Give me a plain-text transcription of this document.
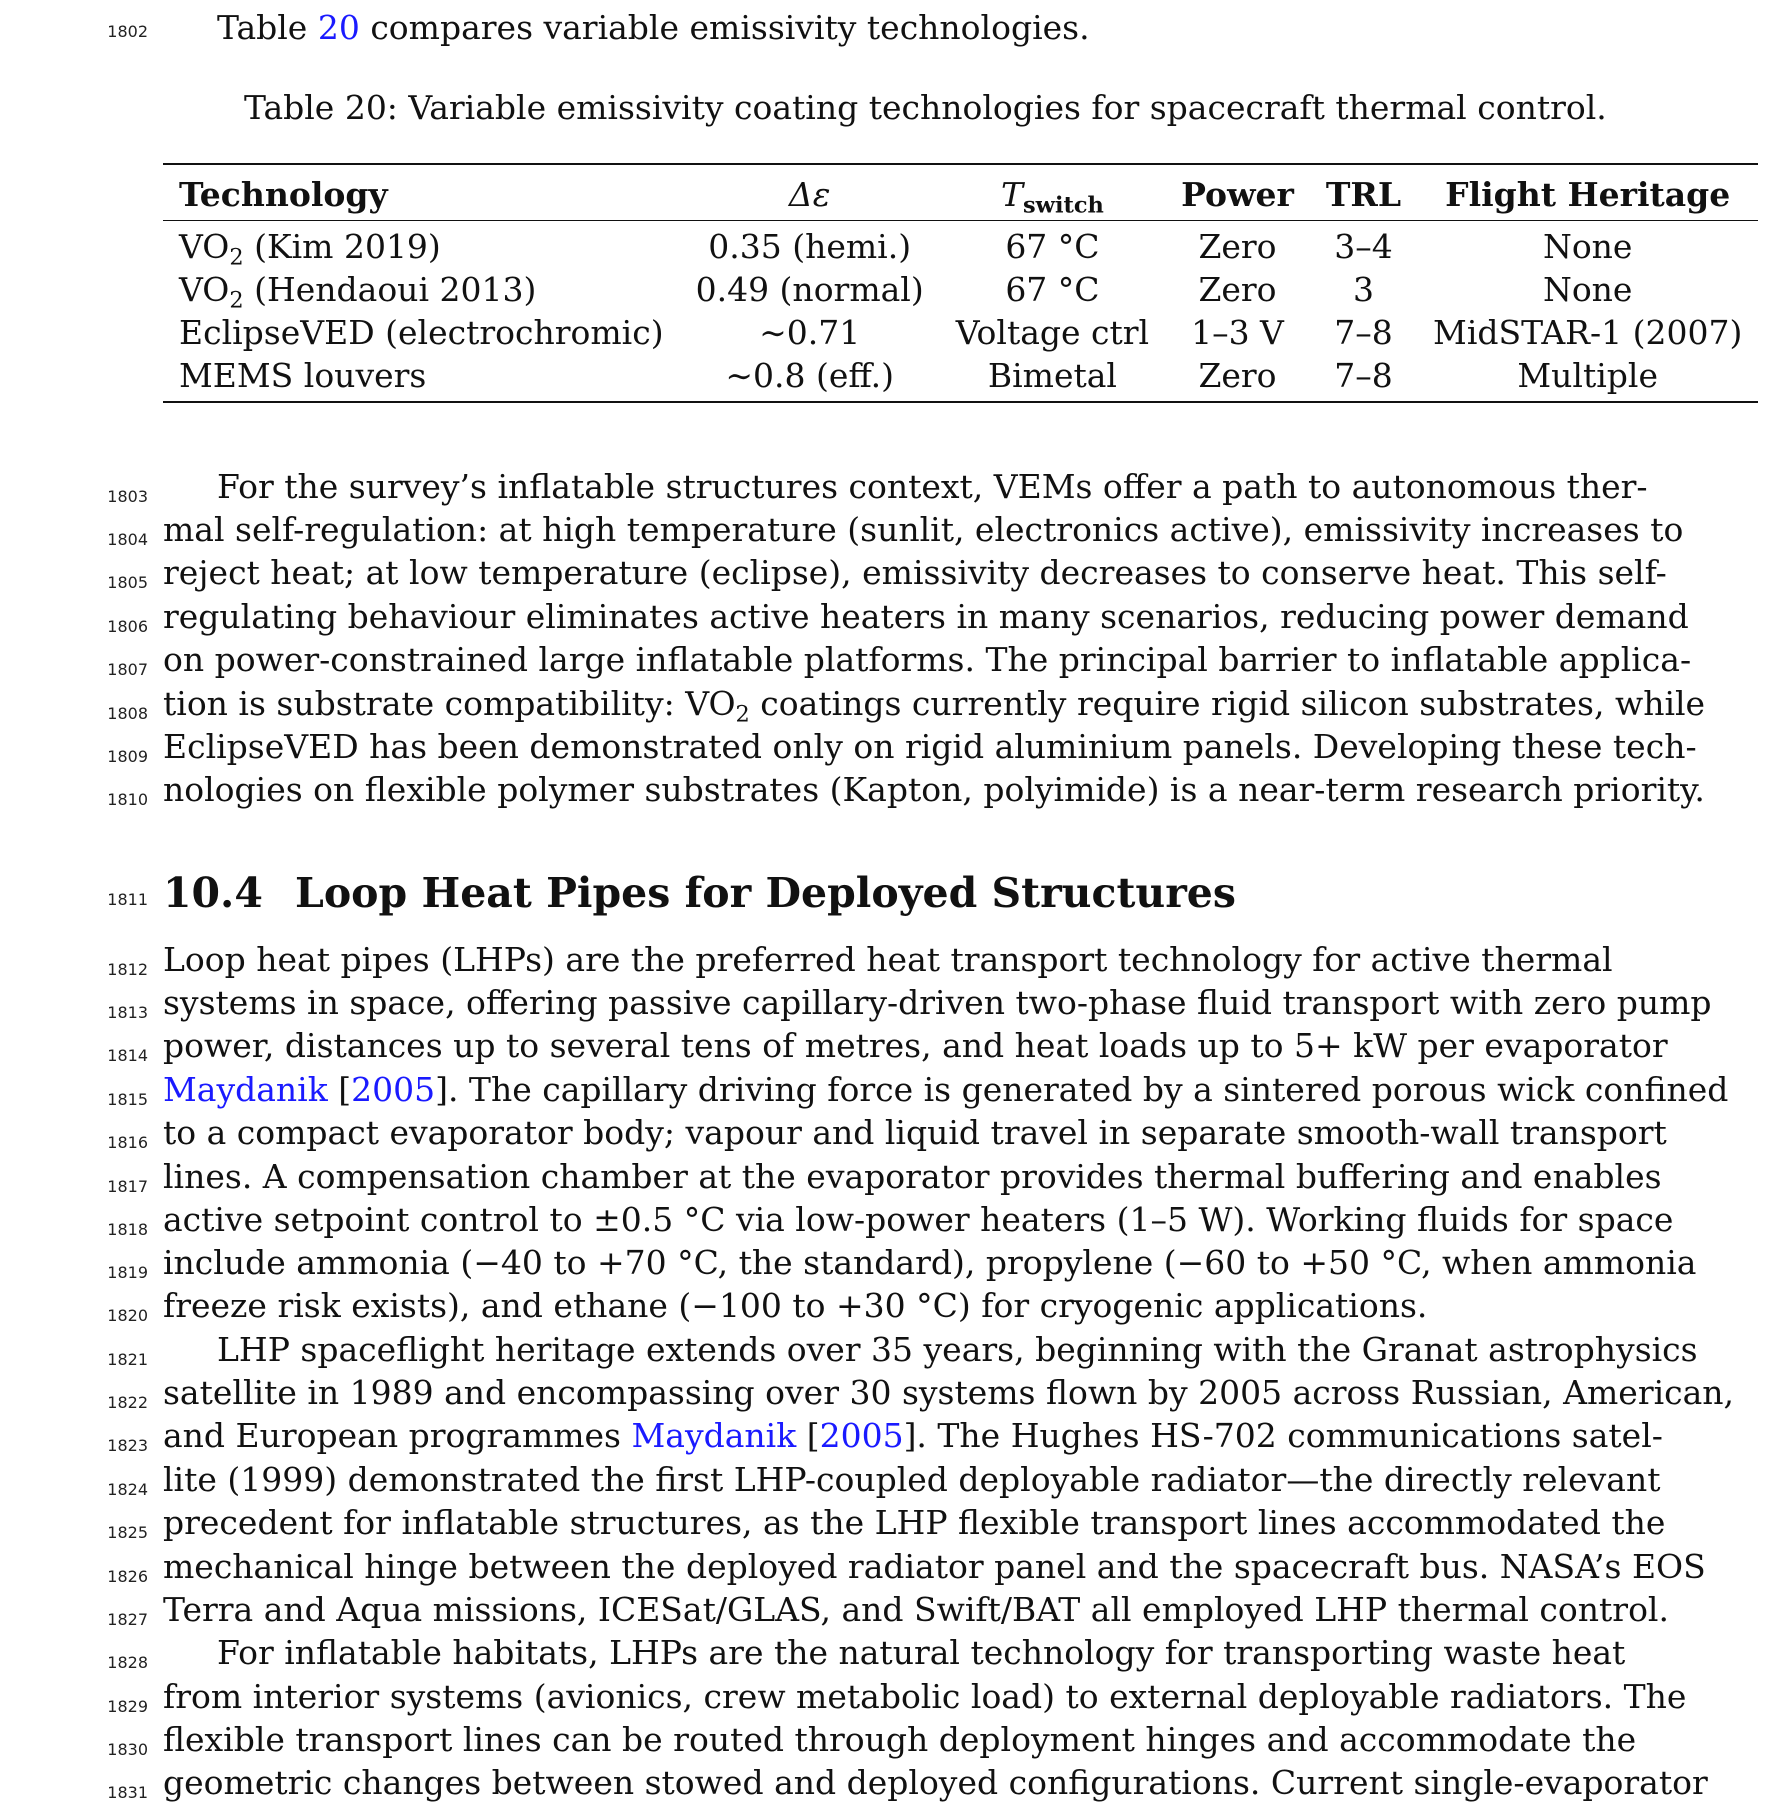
1802
1803
1804
1805
1806
1807
1808
1809
1810
1811
1812
1813
1814
1815
1816
1817
1818
1819
1820
1821
1822
1823
1824
1825
1826
1827
1828
1829
1830
1831
Table 20 compares variable emissivity technologies.
Table 20: Variable emissivity coating technologies for spacecraft thermal control.
Technology	Δε	$T_{switch}$	Power	TRL	Flight Heritage
$VO_2$ (Kim 2019)	0.35 (hemi.)	67 °C	Zero	3–4	None
$VO_2$ (Hendaoui 2013)	0.49 (normal)	67 °C	Zero	3	None
EclipseVED (electrochromic)	∼0.71	Voltage ctrl	1–3 V	7–8	MidSTAR-1 (2007)
MEMS louvers	∼0.8 (eff.)	Bimetal	Zero	7–8	Multiple
For the survey’s inflatable structures context, VEMs offer a path to autonomous ther-
mal self-regulation: at high temperature (sunlit, electronics active), emissivity increases to
reject heat; at low temperature (eclipse), emissivity decreases to conserve heat. This self-
regulating behaviour eliminates active heaters in many scenarios, reducing power demand
on power-constrained large inflatable platforms. The principal barrier to inflatable applica-
tion is substrate compatibility: $VO_2$ coatings currently require rigid silicon substrates, while
EclipseVED has been demonstrated only on rigid aluminium panels. Developing these tech-
nologies on flexible polymer substrates (Kapton, polyimide) is a near-term research priority.
10.4 Loop Heat Pipes for Deployed Structures
Loop heat pipes (LHPs) are the preferred heat transport technology for active thermal
systems in space, offering passive capillary-driven two-phase fluid transport with zero pump
power, distances up to several tens of metres, and heat loads up to 5+ kW per evaporator
Maydanik [2005]. The capillary driving force is generated by a sintered porous wick confined
to a compact evaporator body; vapour and liquid travel in separate smooth-wall transport
lines. A compensation chamber at the evaporator provides thermal buffering and enables
active setpoint control to ±0.5 °C via low-power heaters (1–5 W). Working fluids for space
include ammonia (−40 to +70 °C, the standard), propylene (−60 to +50 °C, when ammonia
freeze risk exists), and ethane (−100 to +30 °C) for cryogenic applications.
LHP spaceflight heritage extends over 35 years, beginning with the Granat astrophysics
satellite in 1989 and encompassing over 30 systems flown by 2005 across Russian, American,
and European programmes Maydanik [2005]. The Hughes HS-702 communications satel-
lite (1999) demonstrated the first LHP-coupled deployable radiator—the directly relevant
precedent for inflatable structures, as the LHP flexible transport lines accommodated the
mechanical hinge between the deployed radiator panel and the spacecraft bus. NASA’s EOS
Terra and Aqua missions, ICESat/GLAS, and Swift/BAT all employed LHP thermal control.
For inflatable habitats, LHPs are the natural technology for transporting waste heat
from interior systems (avionics, crew metabolic load) to external deployable radiators. The
flexible transport lines can be routed through deployment hinges and accommodate the
geometric changes between stowed and deployed configurations. Current single-evaporator
